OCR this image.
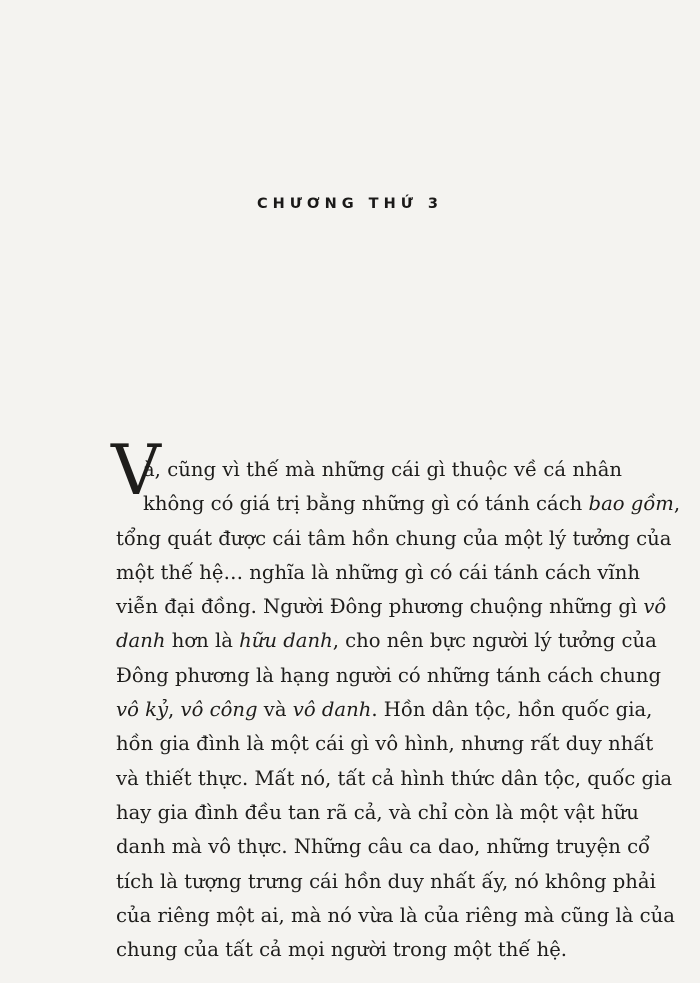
CHƯƠNG THỨ 3
V
à, cũng vì thế mà những cái gì thuộc về cá nhân
không có giá trị bằng những gì có tánh cách bao gồm,
tổng quát được cái tâm hồn chung của một lý tưởng của
một thế hệ… nghĩa là những gì có cái tánh cách vĩnh
viễn đại đồng. Người Đông phương chuộng những gì vô
danh hơn là hữu danh, cho nên bực người lý tưởng của
Đông phương là hạng người có những tánh cách chung
vô kỷ, vô công và vô danh. Hồn dân tộc, hồn quốc gia,
hồn gia đình là một cái gì vô hình, nhưng rất duy nhất
và thiết thực. Mất nó, tất cả hình thức dân tộc, quốc gia
hay gia đình đều tan rã cả, và chỉ còn là một vật hữu
danh mà vô thực. Những câu ca dao, những truyện cổ
tích là tượng trưng cái hồn duy nhất ấy, nó không phải
của riêng một ai, mà nó vừa là của riêng mà cũng là của
chung của tất cả mọi người trong một thế hệ.
